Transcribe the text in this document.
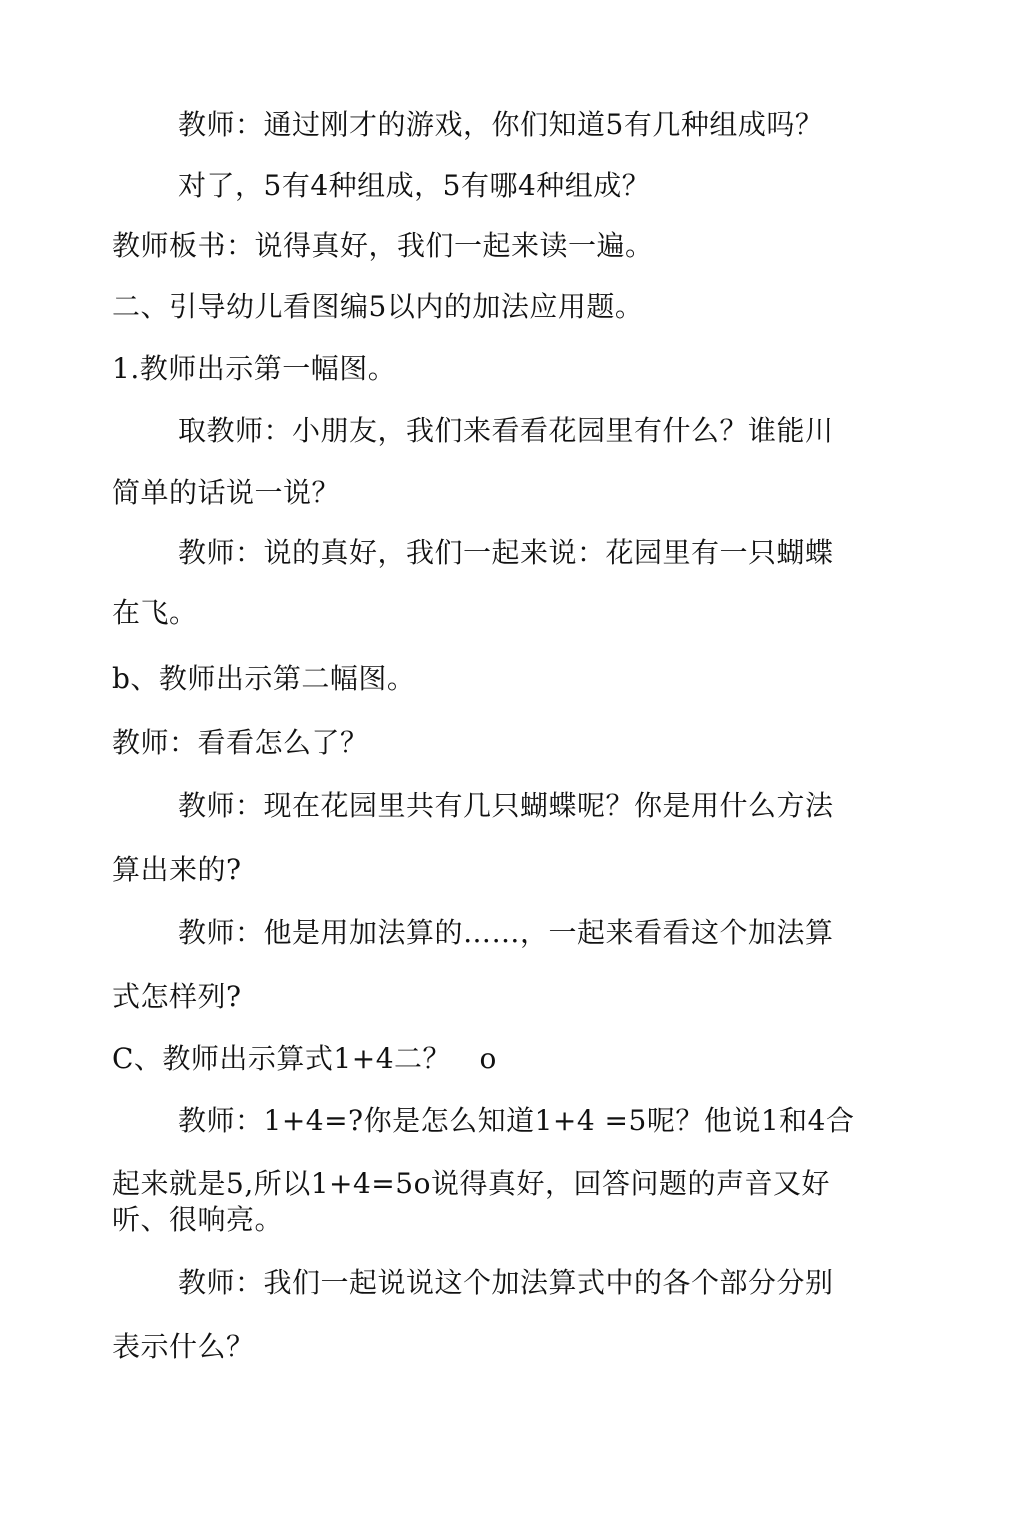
教师：通过刚才的游戏，你们知道5有几种组成吗？
对了，5有4种组成，5有哪4种组成？
教师板书：说得真好，我们一起来读一遍。
二、引导幼儿看图编5以内的加法应用题。
1.教师出示第一幅图。
取教师：小朋友，我们来看看花园里有什么？谁能川
简单的话说一说？
教师：说的真好，我们一起来说：花园里有一只蝴蝶
在飞。
b、教师出示第二幅图。
教师：看看怎么了？
教师：现在花园里共有几只蝴蝶呢？你是用什么方法
算出来的?
教师：他是用加法算的……，一起来看看这个加法算
式怎样列?
C、教师出示算式1+4二？　o
教师：1+4=?你是怎么知道1+4 =5呢？他说1和4合
起来就是5,所以1+4=5o说得真好，回答问题的声音又好
听、很响亮。
教师：我们一起说说这个加法算式中的各个部分分别
表示什么？
